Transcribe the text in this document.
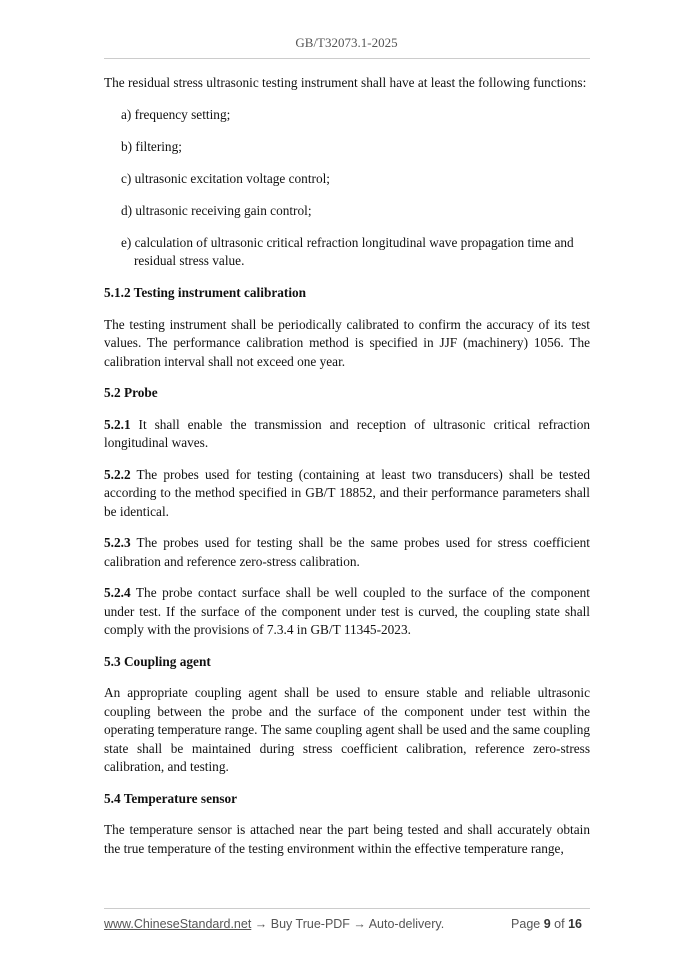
GB/T32073.1-2025

The residual stress ultrasonic testing instrument shall have at least the following functions:

a) frequency setting;

b) filtering;

c) ultrasonic excitation voltage control;

d) ultrasonic receiving gain control;

e) calculation of ultrasonic critical refraction longitudinal wave propagation time and residual stress value.

5.1.2 Testing instrument calibration

The testing instrument shall be periodically calibrated to confirm the accuracy of its test values. The performance calibration method is specified in JJF (machinery) 1056. The calibration interval shall not exceed one year.

5.2 Probe

5.2.1 It shall enable the transmission and reception of ultrasonic critical refraction longitudinal waves.

5.2.2 The probes used for testing (containing at least two transducers) shall be tested according to the method specified in GB/T 18852, and their performance parameters shall be identical.

5.2.3 The probes used for testing shall be the same probes used for stress coefficient calibration and reference zero-stress calibration.

5.2.4 The probe contact surface shall be well coupled to the surface of the component under test. If the surface of the component under test is curved, the coupling state shall comply with the provisions of 7.3.4 in GB/T 11345-2023.

5.3 Coupling agent

An appropriate coupling agent shall be used to ensure stable and reliable ultrasonic coupling between the probe and the surface of the component under test within the operating temperature range. The same coupling agent shall be used and the same coupling state shall be maintained during stress coefficient calibration, reference zero-stress calibration, and testing.

5.4 Temperature sensor

The temperature sensor is attached near the part being tested and shall accurately obtain the true temperature of the testing environment within the effective temperature range,

www.ChineseStandard.net → Buy True-PDF → Auto-delivery.	Page 9 of 16
